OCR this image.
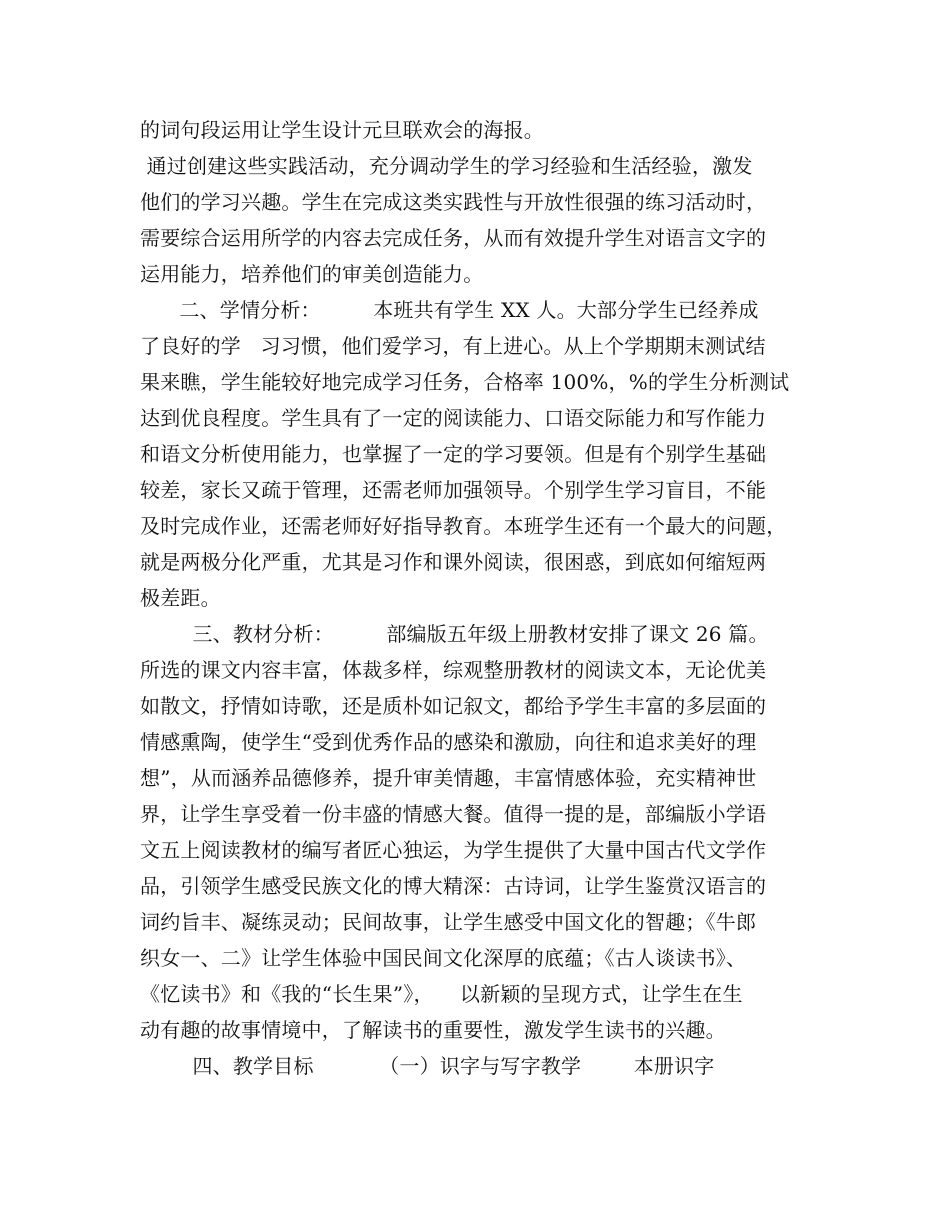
的词句段运用让学生设计元旦联欢会的海报。
通过创建这些实践活动，充分调动学生的学习经验和生活经验，激发
他们的学习兴趣。学生在完成这类实践性与开放性很强的练习活动时，
需要综合运用所学的内容去完成任务，从而有效提升学生对语言文字的
运用能力，培养他们的审美创造能力。
二、学情分析：        本班共有学生 XX 人。大部分学生已经养成
了良好的学   习习惯，他们爱学习，有上进心。从上个学期期末测试结
果来瞧，学生能较好地完成学习任务，合格率 100%，%的学生分析测试
达到优良程度。学生具有了一定的阅读能力、口语交际能力和写作能力
和语文分析使用能力，也掌握了一定的学习要领。但是有个别学生基础
较差，家长又疏于管理，还需老师加强领导。个别学生学习盲目，不能
及时完成作业，还需老师好好指导教育。本班学生还有一个最大的问题，
就是两极分化严重，尤其是习作和课外阅读，很困惑，到底如何缩短两
极差距。
三、教材分析：        部编版五年级上册教材安排了课文 26 篇。
所选的课文内容丰富，体裁多样，综观整册教材的阅读文本，无论优美
如散文，抒情如诗歌，还是质朴如记叙文，都给予学生丰富的多层面的
情感熏陶，使学生“受到优秀作品的感染和激励，向往和追求美好的理
想”，从而涵养品德修养，提升审美情趣，丰富情感体验，充实精神世
界，让学生享受着一份丰盛的情感大餐。值得一提的是，部编版小学语
文五上阅读教材的编写者匠心独运，为学生提供了大量中国古代文学作
品，引领学生感受民族文化的博大精深：古诗词，让学生鉴赏汉语言的
词约旨丰、凝练灵动；民间故事，让学生感受中国文化的智趣；《牛郎
织女一、二》让学生体验中国民间文化深厚的底蕴；《古人谈读书》、
《忆读书》和《我的“长生果”》，    以新颖的呈现方式，让学生在生
动有趣的故事情境中，了解读书的重要性，激发学生读书的兴趣。
四、教学目标          （一）识字与写字教学        本册识字
